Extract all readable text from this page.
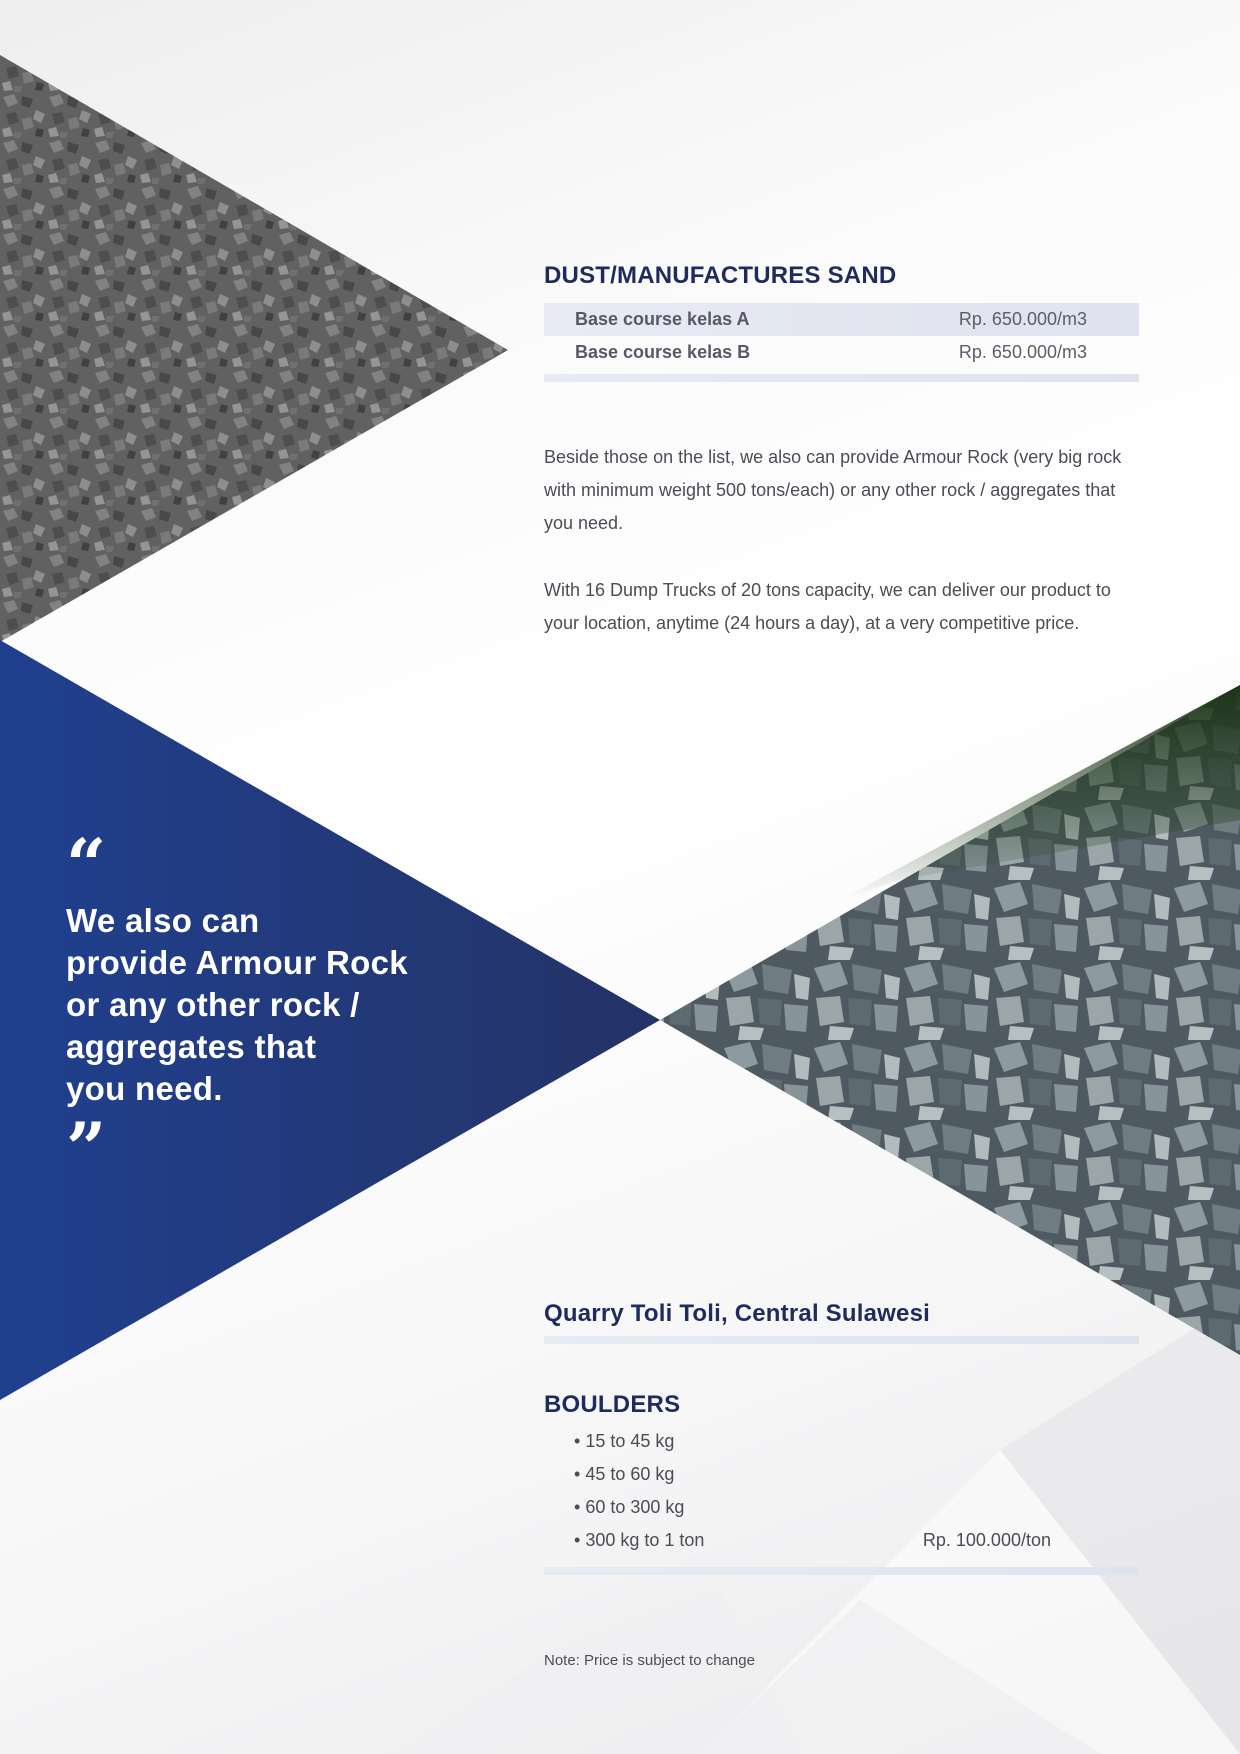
DUST/MANUFACTURES SAND
Base course kelas A	Rp. 650.000/m3
Base course kelas B	Rp. 650.000/m3

Beside those on the list, we also can provide Armour Rock (very big rock with minimum weight 500 tons/each) or any other rock / aggregates that you need.

With 16 Dump Trucks of 20 tons capacity, we can deliver our product to your location, anytime (24 hours a day), at a very competitive price.

“

We also can
provide Armour Rock
or any other rock /
aggregates that
you need.

”
Quarry Toli Toli, Central Sulawesi
BOULDERS
• 15 to 45 kg
• 45 to 60 kg
• 60 to 300 kg
• 300 kg to 1 ton	Rp. 100.000/ton
Note: Price is subject to change
